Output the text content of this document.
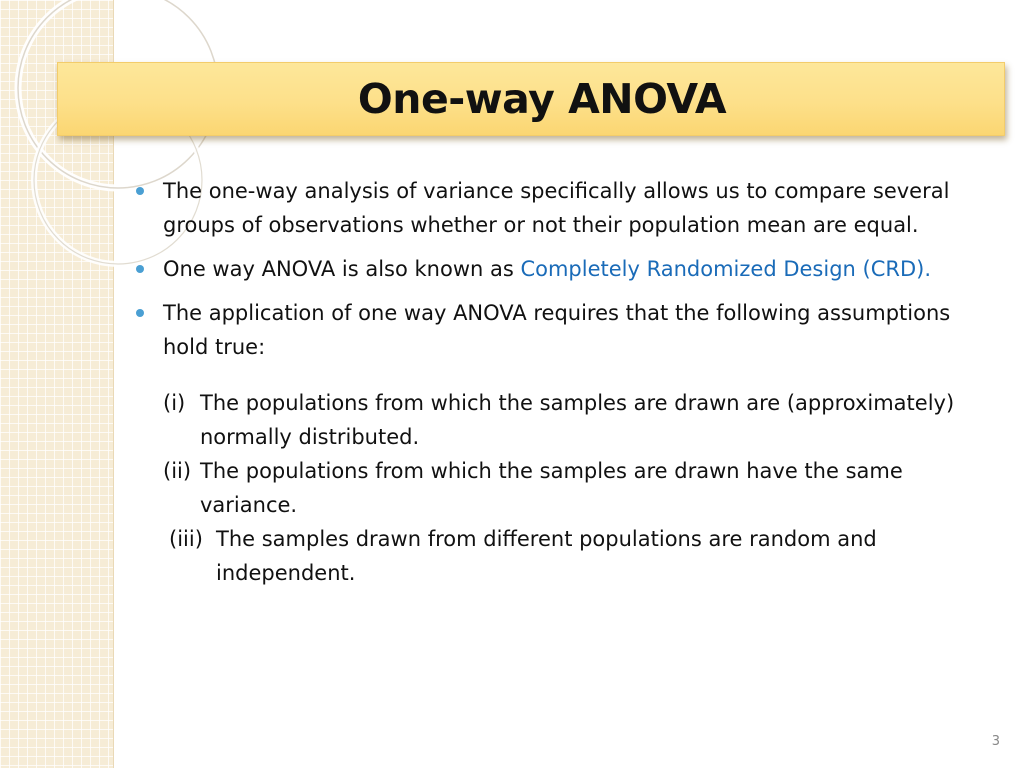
One-way ANOVA
The one-way analysis of variance specifically allows us to compare several groups of observations whether or not their population mean are equal.
One way ANOVA is also known as Completely Randomized Design (CRD).
The application of one way ANOVA requires that the following assumptions hold true:
(i) The populations from which the samples are drawn are (approximately) normally distributed.
(ii) The populations from which the samples are drawn have the same variance.
(iii) The samples drawn from different populations are random and independent.
3
